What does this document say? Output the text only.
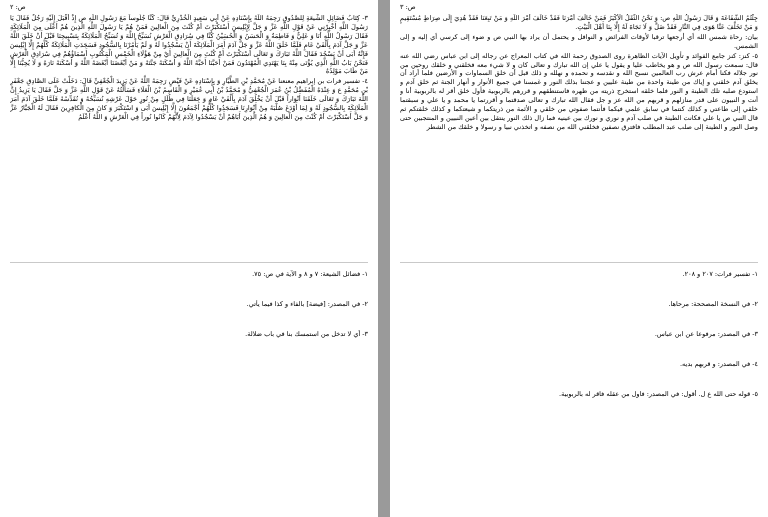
ص: ٣

جِئْتُمُ الشَّفَاعَةَ وَ قَالَ رَسُولُ اللَّهِ ص: وَ نَحْنُ الثَّقَلُ الْأَكْبَرُ فَمَنْ خَالَفَ أَمْرَنَا فَقَدْ خَالَفَ أَمْرَ اللَّهِ وَ مَنْ تَبِعَنَا فَقَدْ هُدِيَ إِلَى صِرَاطٍ مُسْتَقِيمٍ وَ مَنْ تَخَلَّفَ عَنَّا هَوَى فِي النَّارِ فَقَدْ ضَلَّ وَ لَا نَجَاةَ لَهُ إِلَّا بِنَا أَهْلَ الْبَيْتِ.

بيان: رحاة شمس الله أي أرجعها ترقبا لأوقات الفرائض و النوافل و يحتمل أن يراد بها النبي ص و ضوء إلى كرسي أي إليه و إلى الشمس.

٥- كنز: كنز جامع الفوائد و تأويل الآيات الظاهرة روى الصدوق رحمة الله في كتاب المعراج عن رجاله إلى ابن عباس رضي الله عنه قال: سمعت رسول الله ص و هو يخاطب عليا و يقول يا علي إن الله تبارك و تعالى كان و لا شيء معه فخلقني و خلقك روحين من نور جلاله فكنا أمام عرش رب العالمين نسبح الله و نقدسه و نحمده و نهلله و ذلك قبل أن خلق السماوات و الأرضين فلما أراد أن يخلق آدم خلقني و إياك من طينة واحدة من طينة عليين و عجننا بذلك النور و غمسنا في جميع الأنوار و أنهار الجنة ثم خلق آدم و استودع صلبه تلك الطينة و النور فلما خلقه استخرج ذريته من ظهره فاستنطقهم و قررهم بالربوبية فأول خلق أقر له بالربوبية أنا و أنت و النبيون على قدر منازلهم و قربهم من الله عز و جل فقال الله تبارك و تعالى صدقتما و أقررتما يا محمد و يا علي و سبقتما خلقي إلى طاعتي و كذلك كنتما في سابق علمي فيكما فأنتما صفوتي من خلقي و الأئمة من ذريتكما و شيعتكما و كذلك خلقتكم ثم قال النبي ص يا علي فكانت الطينة في صلب آدم و نوري و نورك بين عينيه فما زال ذلك النور ينتقل بين أعين النبيين و المنتجبين حتى وصل النور و الطينة إلى صلب عبد المطلب فافترق نصفين فخلقني الله من نصفه و اتخذني نبيا و رسولا و خلقك من الشطر

١- تفسير فرات: ٢٠٧ و ٢٠٨.
٢- في النسخة المصححة: مرحاها.
٣- في المصدر: مرفوعا عن ابن عباس.
٤- في المصدر: و قربهم بديه.
٥- قوله حتى الله ع ل. أقول: في المصدر: فاول من عقله فاقر له بالربوبية.
ص: ٢

٣- كِتَابُ فَضَائِلِ الشِّيعَةِ لِلصَّدُوقِ رَحِمَهُ اللَّهُ بِإِسْنَادِهِ عَنْ أَبِي سَعِيدٍ الْخُدْرِيِّ قَالَ: كُنَّا جُلُوساً مَعَ رَسُولِ اللَّهِ ص إِذْ أَقْبَلَ إِلَيْهِ رَجُلٌ فَقَالَ يَا رَسُولَ اللَّهِ أَخْبِرْنِي عَنْ قَوْلِ اللَّهِ عَزَّ وَ جَلَّ لِإِبْلِيسَ أَسْتَكْبَرْتَ أَمْ كُنْتَ مِنَ الْعالِينَ فَمَنْ هُمْ يَا رَسُولَ اللَّهِ الَّذِينَ هُمْ أَعْلَى مِنَ الْمَلَائِكَةِ فَقَالَ رَسُولُ اللَّهِ أَنَا وَ عَلِيٌّ وَ فَاطِمَةُ وَ الْحَسَنُ وَ الْحُسَيْنُ كُنَّا فِي سُرَادِقِ الْعَرْشِ نُسَبِّحُ اللَّهَ وَ تُسَبِّحُ الْمَلَائِكَةُ بِتَسْبِيحِنَا قَبْلَ أَنْ خَلَقَ اللَّهُ عَزَّ وَ جَلَّ آدَمَ بِأَلْفَيْ عَامٍ فَلَمَّا خَلَقَ اللَّهُ عَزَّ وَ جَلَّ آدَمَ أَمَرَ الْمَلَائِكَةَ أَنْ يَسْجُدُوا لَهُ وَ لَمْ يَأْمُرْنَا بِالسُّجُودِ فَسَجَدَتِ الْمَلَائِكَةُ كُلُّهُمْ إِلَّا إِبْلِيسَ فَإِنَّهُ أَبَى أَنْ يَسْجُدَ فَقَالَ اللَّهُ تَبَارَكَ وَ تَعَالَى أَسْتَكْبَرْتَ أَمْ كُنْتَ مِنَ الْعالِينَ أَيْ مِنْ هَؤُلَاءِ الْخَمْسِ الْمَكْتُوبِ أَسْمَاؤُهُمْ فِي سُرَادِقِ الْعَرْشِ فَنَحْنُ بَابُ اللَّهِ الَّذِي يُؤْتَى مِنْهُ بِنَا يَهْتَدِي الْمُهْتَدُونَ فَمَنْ أَحَبَّنَا أَحَبَّهُ اللَّهُ وَ أَسْكَنَهُ جَنَّتَهُ وَ مَنْ أَبْغَضَنَا أَبْغَضَهُ اللَّهُ وَ أَسْكَنَهُ نَارَهُ وَ لَا يُحِبُّنَا إِلَّا مَنْ طَابَ مَوْلِدُهُ

٤- تفسير فرات بن إبراهيم معنعنا عَنْ مُحَمَّدِ بْنِ الطَّيَّارِ وَ بِإِسْنَادِهِ عَنْ فَيْضٍ رَحِمَهُ اللَّهُ عَنْ يَزِيدَ الْجُعْفِيِّ قَالَ: دَخَلْتُ عَلَى الصَّادِقِ جَعْفَرِ بْنِ مُحَمَّدٍ ع وَ عِنْدَهُ الْمُفَضَّلُ بْنُ عُمَرَ الْجُعْفِيُّ وَ مُحَمَّدُ بْنُ أَبِي عُمَيْرٍ وَ الْقَاسِمُ بْنُ الْعَلَاءِ فَسَأَلْتُهُ عَنْ قَوْلِ اللَّهِ عَزَّ وَ جَلَّ فَقَالَ يَا يَزِيدُ إِنَّ اللَّهَ تَبَارَكَ وَ تَعَالَى خَلَقَنَا أَنْوَاراً قَبْلَ أَنْ يَخْلُقَ آدَمَ بِأَلْفَيْ عَامٍ وَ جَعَلَنَا فِي ظُلَلٍ مِنْ نُورٍ حَوْلَ عَرْشِهِ نُسَبِّحُهُ وَ نُقَدِّسُهُ فَلَمَّا خَلَقَ آدَمَ أَمَرَ الْمَلَائِكَةَ بِالسُّجُودِ لَهُ وَ لِمَا أَوْدَعَ صُلْبَهُ مِنْ أَنْوَارِنَا فَسَجَدُوا كُلُّهُمْ أَجْمَعُونَ إِلَّا إِبْلِيسَ أَبَى وَ اسْتَكْبَرَ وَ كانَ مِنَ الْكافِرِينَ فَقَالَ لَهُ الْجَبَّارُ عَزَّ وَ جَلَّ أَسْتَكْبَرْتَ أَمْ كُنْتَ مِنَ الْعالِينَ وَ هُمُ الَّذِينَ أَبَاهُمْ أَنْ يَسْجُدُوا لِآدَمَ لِأَنَّهُمْ كَانُوا نُوراً فِي الْعَرْشِ وَ اللَّهُ أَعْلَمُ

١- فضائل الشيعة: ٧ و ٨ و الآية في ص: ٧٥.
٢- في المصدر: [فيضة] بالفاء و كذا فيما يأتي.
٣- أي لا تدخل من استمسك بنا في باب ضلالة.
